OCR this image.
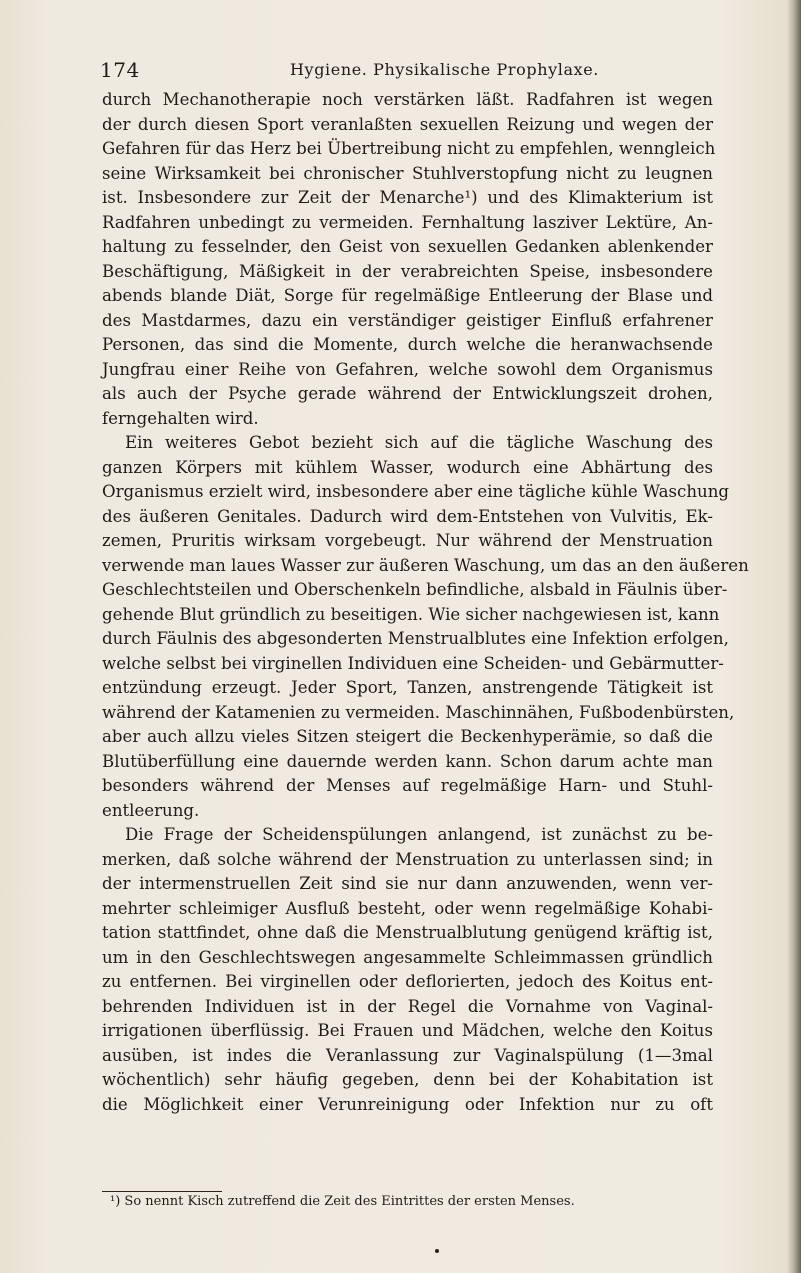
174	Hygiene. Physikalische Prophylaxe.
durch Mechanotherapie noch verstärken läßt. Radfahren ist wegen
der durch diesen Sport veranlaßten sexuellen Reizung und wegen der
Gefahren für das Herz bei Übertreibung nicht zu empfehlen, wenngleich
seine Wirksamkeit bei chronischer Stuhlverstopfung nicht zu leugnen
ist. Insbesondere zur Zeit der Menarche¹) und des Klimakterium ist
Radfahren unbedingt zu vermeiden. Fernhaltung lasziver Lektüre, An-
haltung zu fesselnder, den Geist von sexuellen Gedanken ablenkender
Beschäftigung, Mäßigkeit in der verabreichten Speise, insbesondere
abends blande Diät, Sorge für regelmäßige Entleerung der Blase und
des Mastdarmes, dazu ein verständiger geistiger Einfluß erfahrener
Personen, das sind die Momente, durch welche die heranwachsende
Jungfrau einer Reihe von Gefahren, welche sowohl dem Organismus
als auch der Psyche gerade während der Entwicklungszeit drohen,
ferngehalten wird.
Ein weiteres Gebot bezieht sich auf die tägliche Waschung des
ganzen Körpers mit kühlem Wasser, wodurch eine Abhärtung des
Organismus erzielt wird, insbesondere aber eine tägliche kühle Waschung
des äußeren Genitales. Dadurch wird dem-Entstehen von Vulvitis, Ek-
zemen, Pruritis wirksam vorgebeugt. Nur während der Menstruation
verwende man laues Wasser zur äußeren Waschung, um das an den äußeren
Geschlechtsteilen und Oberschenkeln befindliche, alsbald in Fäulnis über-
gehende Blut gründlich zu beseitigen. Wie sicher nachgewiesen ist, kann
durch Fäulnis des abgesonderten Menstrualblutes eine Infektion erfolgen,
welche selbst bei virginellen Individuen eine Scheiden- und Gebärmutter-
entzündung erzeugt. Jeder Sport, Tanzen, anstrengende Tätigkeit ist
während der Katamenien zu vermeiden. Maschinnähen, Fußbodenbürsten,
aber auch allzu vieles Sitzen steigert die Beckenhyperämie, so daß die
Blutüberfüllung eine dauernde werden kann. Schon darum achte man
besonders während der Menses auf regelmäßige Harn- und Stuhl-
entleerung.
Die Frage der Scheidenspülungen anlangend, ist zunächst zu be-
merken, daß solche während der Menstruation zu unterlassen sind; in
der intermenstruellen Zeit sind sie nur dann anzuwenden, wenn ver-
mehrter schleimiger Ausfluß besteht, oder wenn regelmäßige Kohabi-
tation stattfindet, ohne daß die Menstrualblutung genügend kräftig ist,
um in den Geschlechtswegen angesammelte Schleimmassen gründlich
zu entfernen. Bei virginellen oder deflorierten, jedoch des Koitus ent-
behrenden Individuen ist in der Regel die Vornahme von Vaginal-
irrigationen überflüssig. Bei Frauen und Mädchen, welche den Koitus
ausüben, ist indes die Veranlassung zur Vaginalspülung (1—3mal
wöchentlich) sehr häufig gegeben, denn bei der Kohabitation ist
die Möglichkeit einer Verunreinigung oder Infektion nur zu oft
¹) So nennt Kisch zutreffend die Zeit des Eintrittes der ersten Menses.
